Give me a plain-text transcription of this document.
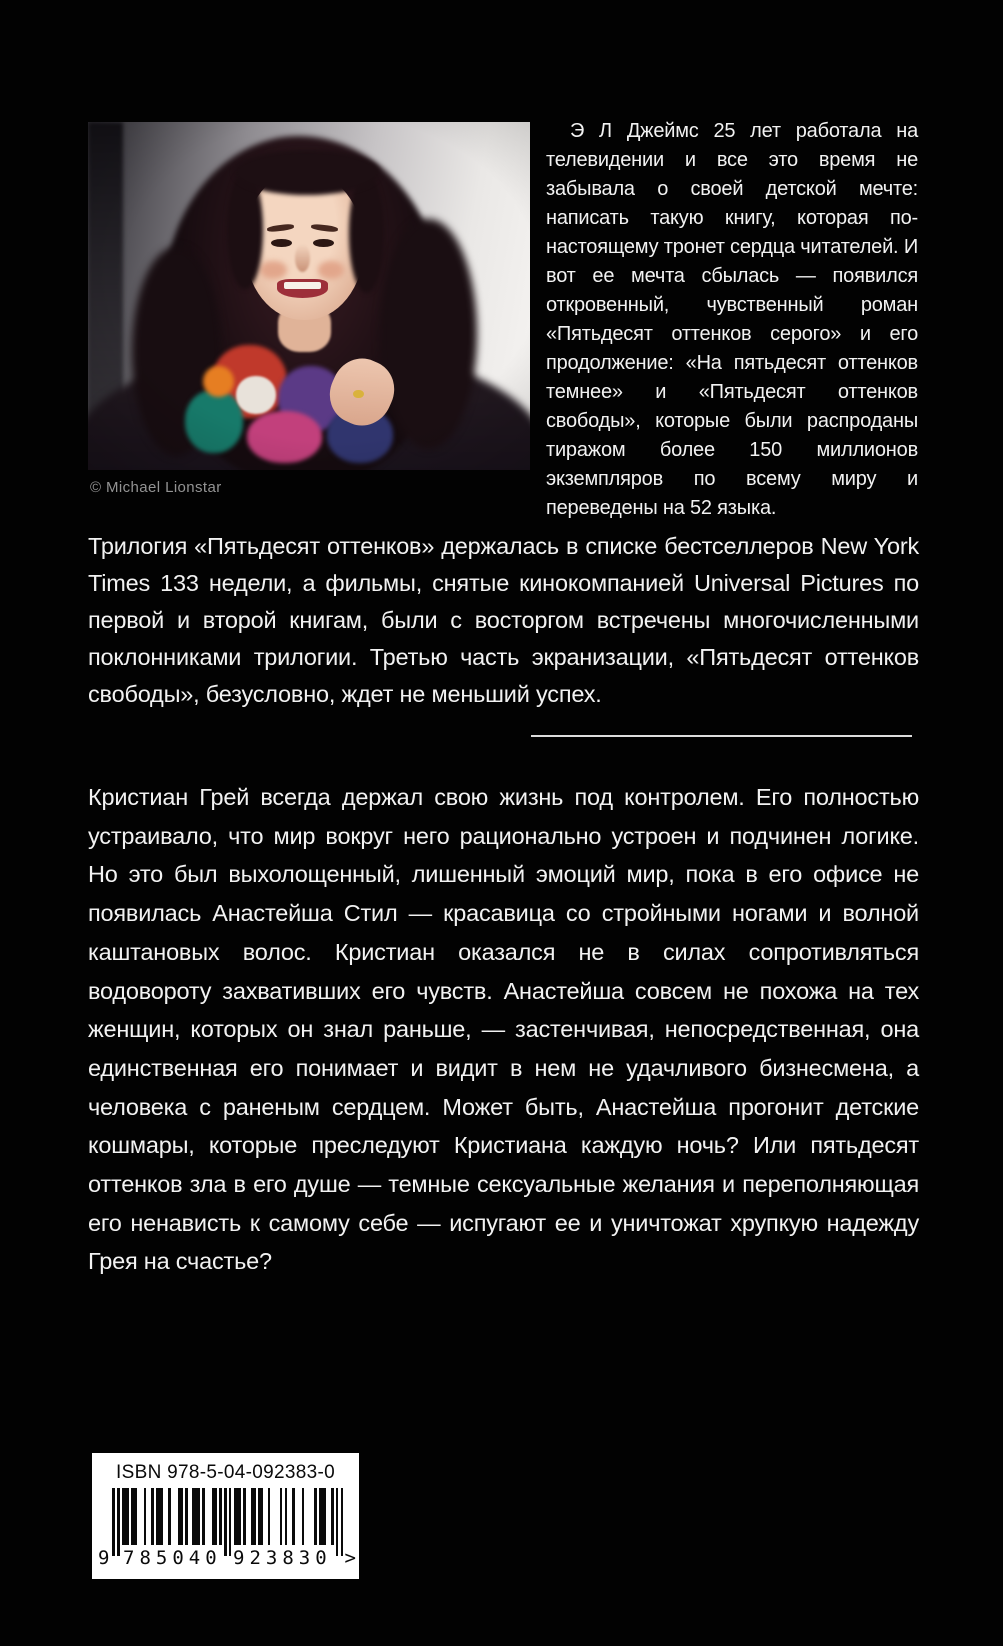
© Michael Lionstar
Э Л Джеймс 25 лет работала на телевидении и все это время не забывала о своей детской мечте: написать такую книгу, которая по-настоящему тронет сердца читателей. И вот ее мечта сбылась — появился откровенный, чувственный роман «Пятьдесят оттенков серого» и его продолжение: «На пятьдесят оттенков темнее» и «Пятьдесят оттенков свободы», которые были распроданы тиражом более 150 миллионов экземпляров по всему миру и переведены на 52 языка.
Трилогия «Пятьдесят оттенков» держалась в списке бестселлеров New York Times 133 недели, а фильмы, снятые кинокомпанией Universal Pictures по первой и второй книгам, были с восторгом встречены многочисленными поклонниками трилогии. Третью часть экранизации, «Пятьдесят оттенков свободы», безусловно, ждет не меньший успех.
Кристиан Грей всегда держал свою жизнь под контролем. Его полностью устраивало, что мир вокруг него рационально устроен и подчинен логике. Но это был выхолощенный, лишенный эмоций мир, пока в его офисе не появилась Анастейша Стил — красавица со стройными ногами и волной каштановых волос. Кристиан оказался не в силах сопротивляться водовороту захвативших его чувств. Анастейша совсем не похожа на тех женщин, которых он знал раньше, — застенчивая, непосредственная, она единственная его понимает и видит в нем не удачливого бизнесмена, а человека с раненым сердцем. Может быть, Анастейша прогонит детские кошмары, которые преследуют Кристиана каждую ночь? Или пятьдесят оттенков зла в его душе — темные сексуальные желания и переполняющая его ненависть к самому себе — испугают ее и уничтожат хрупкую надежду Грея на счастье?
ISBN 978-5-04-092383-0
9 785040 923830 >
